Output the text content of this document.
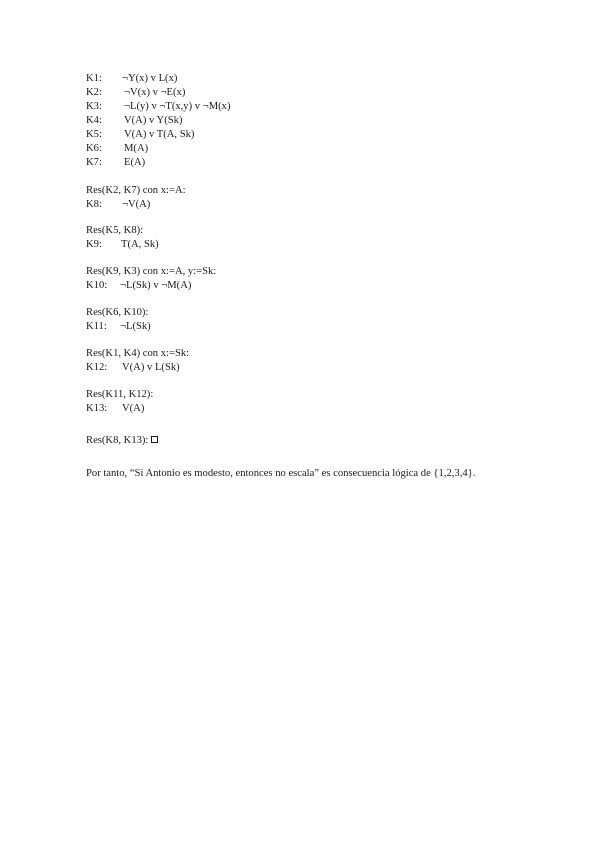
K1: ¬Y(x) v L(x)
K2: ¬V(x) v ¬E(x)
K3: ¬L(y) v ¬T(x,y) v ¬M(x)
K4: V(A) v Y(Sk)
K5: V(A) v T(A, Sk)
K6: M(A)
K7: E(A)
Res(K2, K7) con x:=A:
K8: ¬V(A)
Res(K5, K8):
K9: T(A, Sk)
Res(K9, K3) con x:=A, y:=Sk:
K10: ¬L(Sk) v ¬M(A)
Res(K6, K10):
K11: ¬L(Sk)
Res(K1, K4) con x:=Sk:
K12: V(A) v L(Sk)
Res(K11, K12):
K13: V(A)
Res(K8, K13):
Por tanto, “Si Antonio es modesto, entonces no escala” es consecuencia lógica de {1,2,3,4}.
